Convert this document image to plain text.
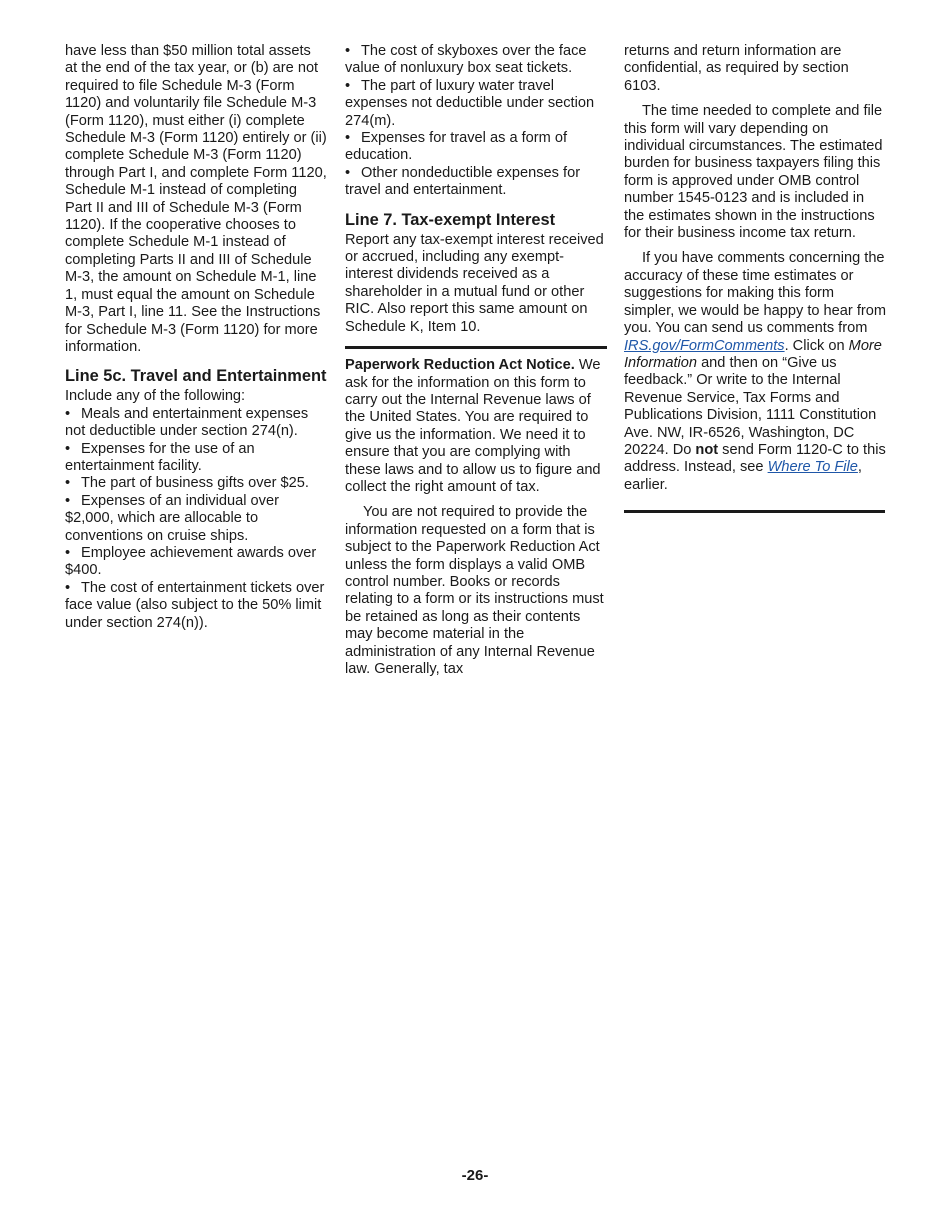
have less than $50 million total assets at the end of the tax year, or (b) are not required to file Schedule M-3 (Form 1120) and voluntarily file Schedule M-3 (Form 1120), must either (i) complete Schedule M-3 (Form 1120) entirely or (ii) complete Schedule M-3 (Form 1120) through Part I, and complete Form 1120, Schedule M-1 instead of completing Part II and III of Schedule M-3 (Form 1120). If the cooperative chooses to complete Schedule M-1 instead of completing Parts II and III of Schedule M-3, the amount on Schedule M-1, line 1, must equal the amount on Schedule M-3, Part I, line 11. See the Instructions for Schedule M-3 (Form 1120) for more information.

Line 5c. Travel and Entertainment
Include any of the following:
• Meals and entertainment expenses not deductible under section 274(n).
• Expenses for the use of an entertainment facility.
• The part of business gifts over $25.
• Expenses of an individual over $2,000, which are allocable to conventions on cruise ships.
• Employee achievement awards over $400.
• The cost of entertainment tickets over face value (also subject to the 50% limit under section 274(n)).
• The cost of skyboxes over the face value of nonluxury box seat tickets.
• The part of luxury water travel expenses not deductible under section 274(m).
• Expenses for travel as a form of education.
• Other nondeductible expenses for travel and entertainment.
Line 7. Tax-exempt Interest

Report any tax-exempt interest received or accrued, including any exempt-interest dividends received as a shareholder in a mutual fund or other RIC. Also report this same amount on Schedule K, Item 10.

Paperwork Reduction Act Notice. We ask for the information on this form to carry out the Internal Revenue laws of the United States. You are required to give us the information. We need it to ensure that you are complying with these laws and to allow us to figure and collect the right amount of tax.

You are not required to provide the information requested on a form that is subject to the Paperwork Reduction Act unless the form displays a valid OMB control number. Books or records relating to a form or its instructions must be retained as long as their contents may become material in the administration of any Internal Revenue law. Generally, tax

returns and return information are confidential, as required by section 6103.

The time needed to complete and file this form will vary depending on individual circumstances. The estimated burden for business taxpayers filing this form is approved under OMB control number 1545-0123 and is included in the estimates shown in the instructions for their business income tax return.

If you have comments concerning the accuracy of these time estimates or suggestions for making this form simpler, we would be happy to hear from you. You can send us comments from IRS.gov/FormComments. Click on More Information and then on “Give us feedback.” Or write to the Internal Revenue Service, Tax Forms and Publications Division, 1111 Constitution Ave. NW, IR-6526, Washington, DC 20224. Do not send Form 1120-C to this address. Instead, see Where To File, earlier.

-26-
